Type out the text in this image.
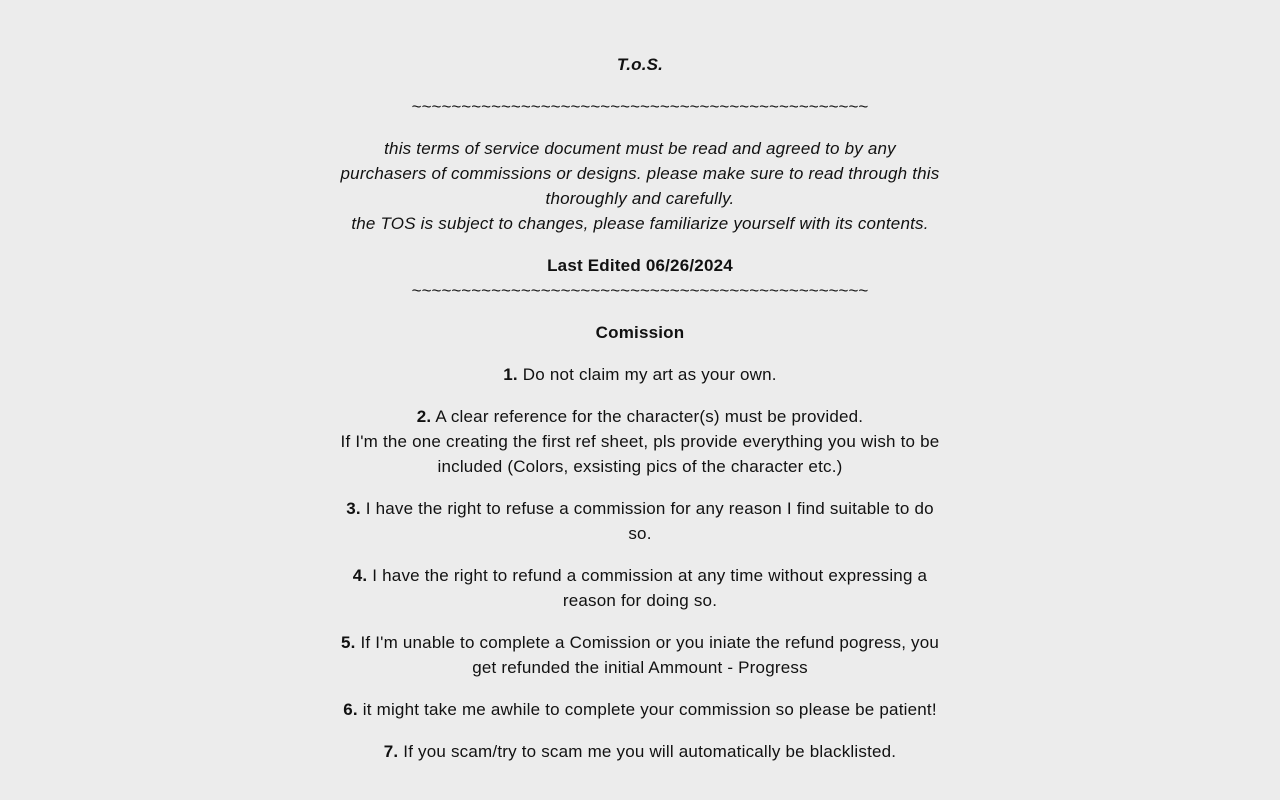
T.o.S.

~~~~~~~~~~~~~~~~~~~~~~~~~~~~~~~~~~~~~~~~~~~~~~

this terms of service document must be read and agreed to by any purchasers of commissions or designs. please make sure to read through this thoroughly and carefully.
the TOS is subject to changes, please familiarize yourself with its contents.

Last Edited 06/26/2024

~~~~~~~~~~~~~~~~~~~~~~~~~~~~~~~~~~~~~~~~~~~~~~

Comission

1. Do not claim my art as your own.

2. A clear reference for the character(s) must be provided.
If I'm the one creating the first ref sheet, pls provide everything you wish to be included (Colors, exsisting pics of the character etc.)

3. I have the right to refuse a commission for any reason I find suitable to do so.

4. I have the right to refund a commission at any time without expressing a reason for doing so.

5. If I'm unable to complete a Comission or you iniate the refund pogress, you get refunded the initial Ammount - Progress

6. it might take me awhile to complete your commission so please be patient!

7. If you scam/try to scam me you will automatically be blacklisted.
